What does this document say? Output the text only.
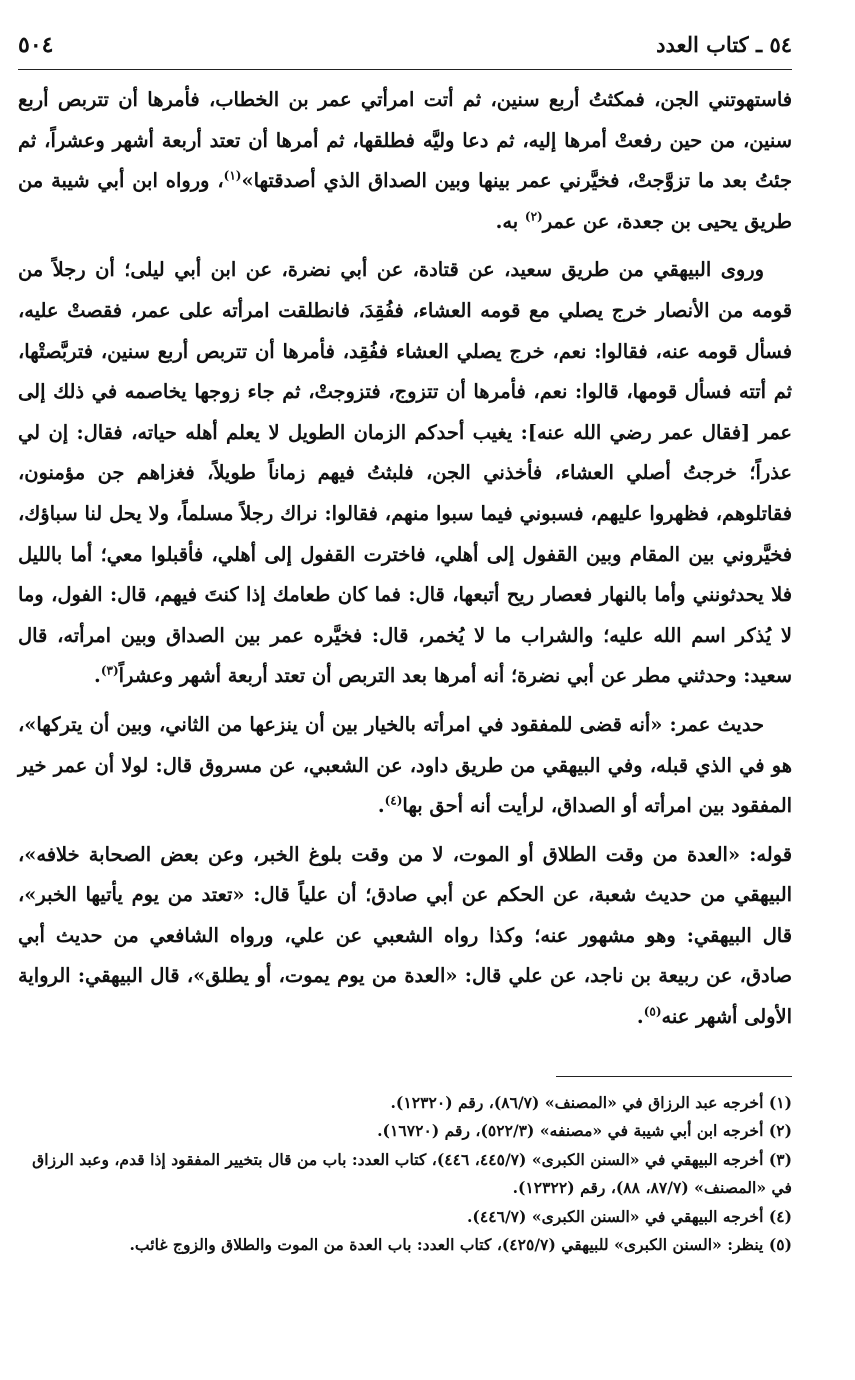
٥٤ ـ كتاب العدد
٥٠٤

فاستهوتني الجن، فمكثتُ أربع سنين، ثم أتت امرأتي عمر بن الخطاب، فأمرها أن تتربص أربع سنين، من حين رفعتْ أمرها إليه، ثم دعا وليَّه فطلقها، ثم أمرها أن تعتد أربعة أشهر وعشراً، ثم جئتُ بعد ما تزوَّجتْ، فخيَّرني عمر بينها وبين الصداق الذي أصدقتها»$^{(١)}$، ورواه ابن أبي شيبة من طريق يحيى بن جعدة، عن عمر$^{(٢)}$ به.

وروى البيهقي من طريق سعيد، عن قتادة، عن أبي نضرة، عن ابن أبي ليلى؛ أن رجلاً من قومه من الأنصار خرج يصلي مع قومه العشاء، ففُقِدَ، فانطلقت امرأته على عمر، فقصتْ عليه، فسأل قومه عنه، فقالوا: نعم، خرج يصلي العشاء ففُقِد، فأمرها أن تتربص أربع سنين، فتربَّصتْها، ثم أتته فسأل قومها، قالوا: نعم، فأمرها أن تتزوج، فتزوجتْ، ثم جاء زوجها يخاصمه في ذلك إلى عمر [فقال عمر رضي الله عنه]: يغيب أحدكم الزمان الطويل لا يعلم أهله حياته، فقال: إن لي عذراً؛ خرجتُ أصلي العشاء، فأخذني الجن، فلبثتُ فيهم زماناً طويلاً، فغزاهم جن مؤمنون، فقاتلوهم، فظهروا عليهم، فسبوني فيما سبوا منهم، فقالوا: نراك رجلاً مسلماً، ولا يحل لنا سباؤك، فخيَّروني بين المقام وبين القفول إلى أهلي، فاخترت القفول إلى أهلي، فأقبلوا معي؛ أما بالليل فلا يحدثونني وأما بالنهار فعصار ريح أتبعها، قال: فما كان طعامك إذا كنتَ فيهم، قال: الفول، وما لا يُذكر اسم الله عليه؛ والشراب ما لا يُخمر، قال: فخيَّره عمر بين الصداق وبين امرأته، قال سعيد: وحدثني مطر عن أبي نضرة؛ أنه أمرها بعد التربص أن تعتد أربعة أشهر وعشراً$^{(٣)}$.

حديث عمر: «أنه قضى للمفقود في امرأته بالخيار بين أن ينزعها من الثاني، وبين أن يتركها»، هو في الذي قبله، وفي البيهقي من طريق داود، عن الشعبي، عن مسروق قال: لولا أن عمر خير المفقود بين امرأته أو الصداق، لرأيت أنه أحق بها$^{(٤)}$.

قوله: «العدة من وقت الطلاق أو الموت، لا من وقت بلوغ الخبر، وعن بعض الصحابة خلافه»، البيهقي من حديث شعبة، عن الحكم عن أبي صادق؛ أن علياً قال: «تعتد من يوم يأتيها الخبر»، قال البيهقي: وهو مشهور عنه؛ وكذا رواه الشعبي عن علي، ورواه الشافعي من حديث أبي صادق، عن ربيعة بن ناجد، عن علي قال: «العدة من يوم يموت، أو يطلق»، قال البيهقي: الرواية الأولى أشهر عنه$^{(٥)}$.

(١) أخرجه عبد الرزاق في «المصنف» (٨٦/٧)، رقم (١٢٣٢٠).

(٢) أخرجه ابن أبي شيبة في «مصنفه» (٥٢٢/٣)، رقم (١٦٧٢٠).

(٣) أخرجه البيهقي في «السنن الكبرى» (٤٤٥/٧، ٤٤٦)، كتاب العدد: باب من قال بتخيير المفقود إذا قدم، وعبد الرزاق في «المصنف» (٨٧/٧، ٨٨)، رقم (١٢٣٢٢).

(٤) أخرجه البيهقي في «السنن الكبرى» (٤٤٦/٧).

(٥) ينظر: «السنن الكبرى» للبيهقي (٤٢٥/٧)، كتاب العدد: باب العدة من الموت والطلاق والزوج غائب.
